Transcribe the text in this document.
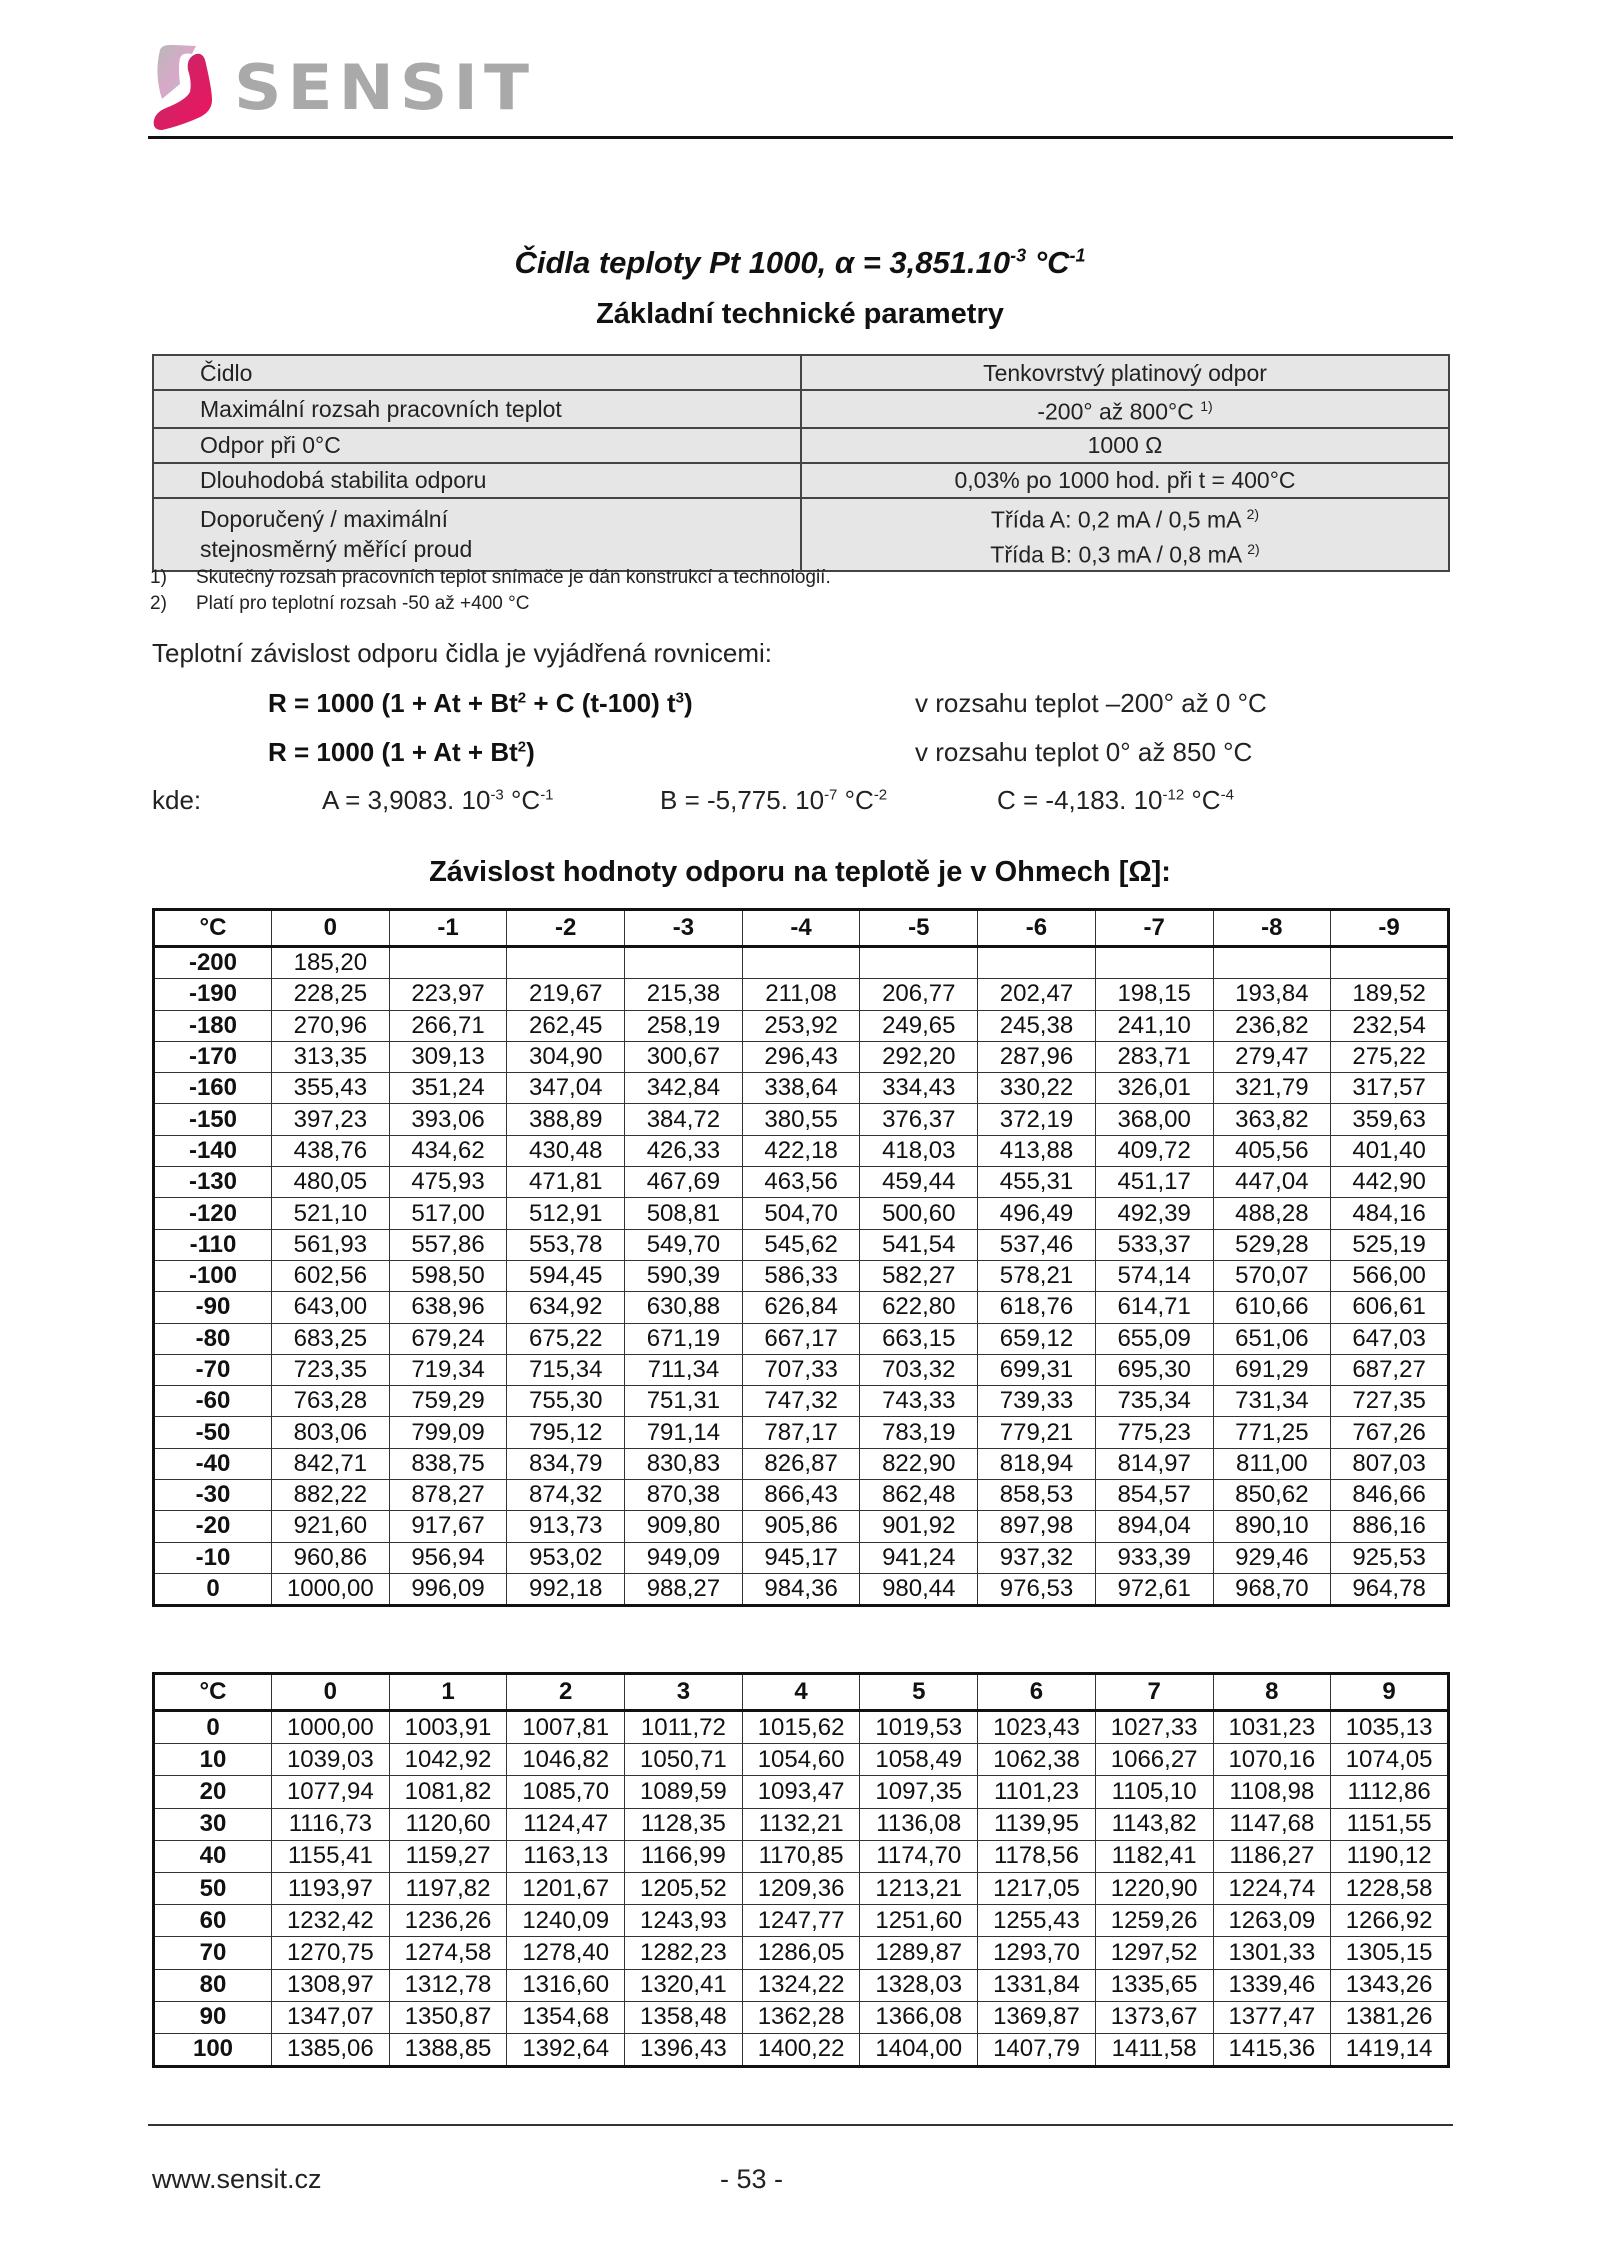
SENSIT
Čidla teploty Pt 1000, $\alpha = 3,851.10^{-3}$ $^\circ C^{-1}$
Základní technické parametry
Čidlo	Tenkovrstvý platinový odpor
Maximální rozsah pracovních teplot	-200° až 800°C $^{1)}$
Odpor při 0°C	1000 Ω
Dlouhodobá stabilita odporu	0,03% po 1000 hod. při t = 400°C
Doporučený / maximální stejnosměrný měřící proud	Třída A: 0,2 mA / 0,5 mA $^{2)}$
Třída B: 0,3 mA / 0,8 mA $^{2)}$
1) Skutečný rozsah pracovních teplot snímače je dán konstrukcí a technologií.
2) Platí pro teplotní rozsah -50 až +400 °C
Teplotní závislost odporu čidla je vyjádřená rovnicemi:
R = 1000 ($1 + At + Bt^2 + C$ (t-100) $t^3$)	v rozsahu teplot –200° až 0 °C
R = 1000 $(1 + At + Bt^2)$	v rozsahu teplot 0° až 850 °C
kde:	A = 3,9083. $10^{-3}$ $^\circ C^{-1}$	B = -5,775. $10^{-7}$ $^\circ C^{-2}$	C = -4,183. $10^{-12}$ $^\circ C^{-4}$
Závislost hodnoty odporu na teplotě je v Ohmech [Ω]:
°C	0	-1	-2	-3	-4	-5	-6	-7	-8	-9
-200	185,20									
-190	228,25	223,97	219,67	215,38	211,08	206,77	202,47	198,15	193,84	189,52
-180	270,96	266,71	262,45	258,19	253,92	249,65	245,38	241,10	236,82	232,54
-170	313,35	309,13	304,90	300,67	296,43	292,20	287,96	283,71	279,47	275,22
-160	355,43	351,24	347,04	342,84	338,64	334,43	330,22	326,01	321,79	317,57
-150	397,23	393,06	388,89	384,72	380,55	376,37	372,19	368,00	363,82	359,63
-140	438,76	434,62	430,48	426,33	422,18	418,03	413,88	409,72	405,56	401,40
-130	480,05	475,93	471,81	467,69	463,56	459,44	455,31	451,17	447,04	442,90
-120	521,10	517,00	512,91	508,81	504,70	500,60	496,49	492,39	488,28	484,16
-110	561,93	557,86	553,78	549,70	545,62	541,54	537,46	533,37	529,28	525,19
-100	602,56	598,50	594,45	590,39	586,33	582,27	578,21	574,14	570,07	566,00
-90	643,00	638,96	634,92	630,88	626,84	622,80	618,76	614,71	610,66	606,61
-80	683,25	679,24	675,22	671,19	667,17	663,15	659,12	655,09	651,06	647,03
-70	723,35	719,34	715,34	711,34	707,33	703,32	699,31	695,30	691,29	687,27
-60	763,28	759,29	755,30	751,31	747,32	743,33	739,33	735,34	731,34	727,35
-50	803,06	799,09	795,12	791,14	787,17	783,19	779,21	775,23	771,25	767,26
-40	842,71	838,75	834,79	830,83	826,87	822,90	818,94	814,97	811,00	807,03
-30	882,22	878,27	874,32	870,38	866,43	862,48	858,53	854,57	850,62	846,66
-20	921,60	917,67	913,73	909,80	905,86	901,92	897,98	894,04	890,10	886,16
-10	960,86	956,94	953,02	949,09	945,17	941,24	937,32	933,39	929,46	925,53
0	1000,00	996,09	992,18	988,27	984,36	980,44	976,53	972,61	968,70	964,78
°C	0	1	2	3	4	5	6	7	8	9
0	1000,00	1003,91	1007,81	1011,72	1015,62	1019,53	1023,43	1027,33	1031,23	1035,13
10	1039,03	1042,92	1046,82	1050,71	1054,60	1058,49	1062,38	1066,27	1070,16	1074,05
20	1077,94	1081,82	1085,70	1089,59	1093,47	1097,35	1101,23	1105,10	1108,98	1112,86
30	1116,73	1120,60	1124,47	1128,35	1132,21	1136,08	1139,95	1143,82	1147,68	1151,55
40	1155,41	1159,27	1163,13	1166,99	1170,85	1174,70	1178,56	1182,41	1186,27	1190,12
50	1193,97	1197,82	1201,67	1205,52	1209,36	1213,21	1217,05	1220,90	1224,74	1228,58
60	1232,42	1236,26	1240,09	1243,93	1247,77	1251,60	1255,43	1259,26	1263,09	1266,92
70	1270,75	1274,58	1278,40	1282,23	1286,05	1289,87	1293,70	1297,52	1301,33	1305,15
80	1308,97	1312,78	1316,60	1320,41	1324,22	1328,03	1331,84	1335,65	1339,46	1343,26
90	1347,07	1350,87	1354,68	1358,48	1362,28	1366,08	1369,87	1373,67	1377,47	1381,26
100	1385,06	1388,85	1392,64	1396,43	1400,22	1404,00	1407,79	1411,58	1415,36	1419,14
www.sensit.cz	- 53 -
